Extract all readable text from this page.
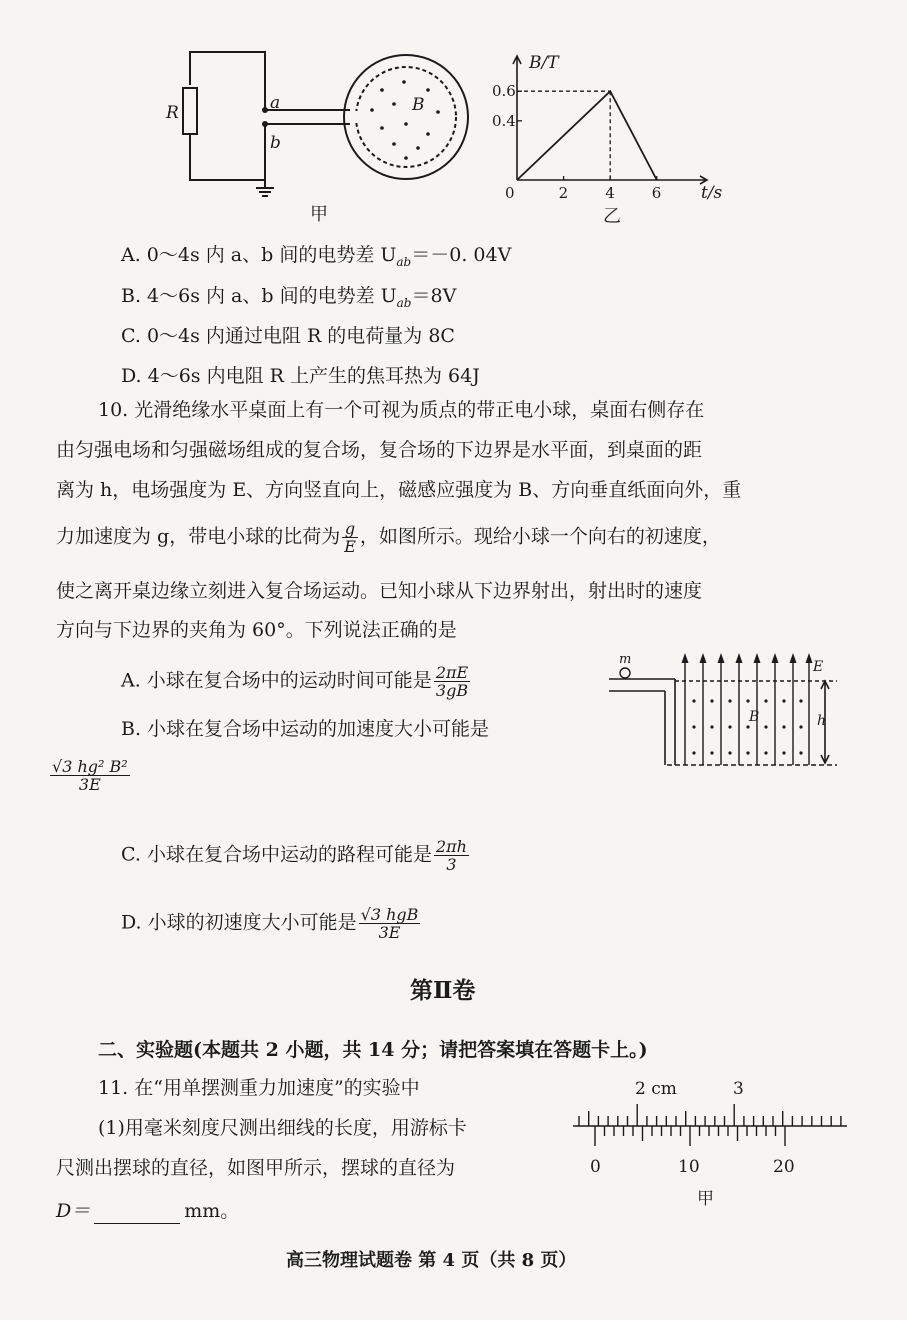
R	a
b
B
甲
0.6
0.4
0	2 4 6
B/T
t/s
乙
A. 0～4s 内 a、b 间的电势差 $U_{ab}=-0$. 04V
B. 4～6s 内 a、b 间的电势差 $U_{ab}=8V$
C. 0～4s 内通过电阻 R 的电荷量为 8C
D. 4～6s 内电阻 R 上产生的焦耳热为 64J
10. 光滑绝缘水平桌面上有一个可视为质点的带正电小球，桌面右侧存在
由匀强电场和匀强磁场组成的复合场，复合场的下边界是水平面，到桌面的距
离为 h，电场强度为 E、方向竖直向上，磁感应强度为 B、方向垂直纸面向外，重
力加速度为 g，带电小球的比荷为 $\frac{g}{E}$ ，如图所示。现给小球一个向右的初速度，
使之离开桌边缘立刻进入复合场运动。已知小球从下边界射出，射出时的速度
方向与下边界的夹角为 60°。下列说法正确的是
A. 小球在复合场中的运动时间可能是 $\frac{2\pi E}{3gB}$
B. 小球在复合场中运动的加速度大小可能是
$\frac{\text{√3 hg² B²}}{3E}$
C. 小球在复合场中运动的路程可能是 $\frac{2\pi h}{3}$
D. 小球的初速度大小可能是 $\frac{\text{√3 hgB}}{3E}$
m	E
B	h
第Ⅱ卷
二、实验题(本题共 2 小题，共 14 分；请把答案填在答题卡上。)
11. 在“用单摆测重力加速度”的实验中
(1)用毫米刻度尺测出细线的长度，用游标卡
尺测出摆球的直径，如图甲所示，摆球的直径为
D＝	mm。
2 cm	3
0	10	20
甲
高三物理试题卷 第 4 页（共 8 页）
